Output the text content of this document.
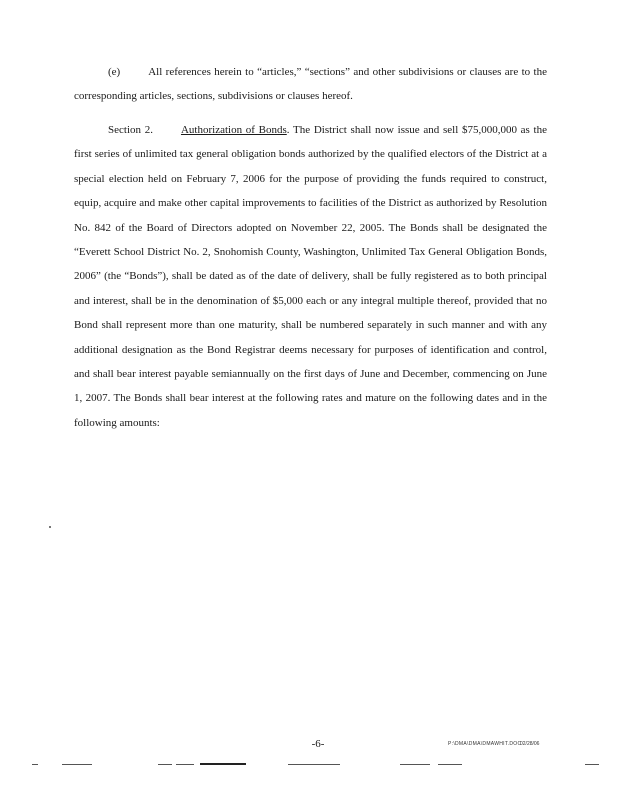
(e)	All references herein to “articles,” “sections” and other subdivisions or clauses are to the corresponding articles, sections, subdivisions or clauses hereof.

Section 2.	Authorization of Bonds. The District shall now issue and sell $75,000,000 as the first series of unlimited tax general obligation bonds authorized by the qualified electors of the District at a special election held on February 7, 2006 for the purpose of providing the funds required to construct, equip, acquire and make other capital improvements to facilities of the District as authorized by Resolution No. 842 of the Board of Directors adopted on November 22, 2005. The Bonds shall be designated the “Everett School District No. 2, Snohomish County, Washington, Unlimited Tax General Obligation Bonds, 2006” (the “Bonds”), shall be dated as of the date of delivery, shall be fully registered as to both principal and interest, shall be in the denomination of $5,000 each or any integral multiple thereof, provided that no Bond shall represent more than one maturity, shall be numbered separately in such manner and with any additional designation as the Bond Registrar deems necessary for purposes of identification and control, and shall bear interest payable semiannually on the first days of June and December, commencing on June 1, 2007. The Bonds shall bear interest at the following rates and mature on the following dates and in the following amounts:

-6-	P:\DMA\DMA\DMAWHIT.DOC
02/28/06
